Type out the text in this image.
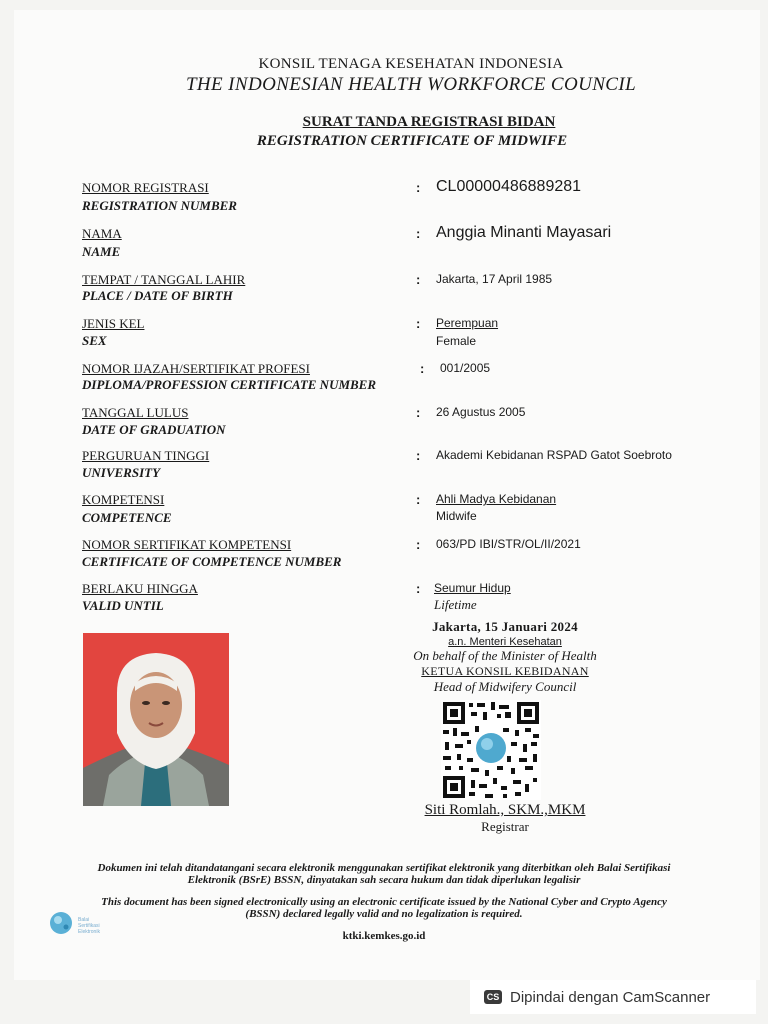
KONSIL TENAGA KESEHATAN INDONESIA
THE INDONESIAN HEALTH WORKFORCE COUNCIL
SURAT TANDA REGISTRASI BIDAN
REGISTRATION CERTIFICATE OF MIDWIFE
NOMOR REGISTRASI
REGISTRATION NUMBER
: CL00000486889281
NAMA
NAME
: Anggia Minanti Mayasari
TEMPAT / TANGGAL LAHIR
PLACE / DATE OF BIRTH
: Jakarta, 17 April 1985
JENIS KEL
SEX
: Perempuan
Female
NOMOR IJAZAH/SERTIFIKAT PROFESI
DIPLOMA/PROFESSION CERTIFICATE NUMBER
: 001/2005
TANGGAL LULUS
DATE OF GRADUATION
: 26 Agustus 2005
PERGURUAN TINGGI
UNIVERSITY
: Akademi Kebidanan RSPAD Gatot Soebroto
KOMPETENSI
COMPETENCE
: Ahli Madya Kebidanan
Midwife
NOMOR SERTIFIKAT KOMPETENSI
CERTIFICATE OF COMPETENCE NUMBER
: 063/PD IBI/STR/OL/II/2021
BERLAKU HINGGA
VALID UNTIL
: Seumur Hidup
Lifetime
Jakarta, 15 Januari 2024
a.n. Menteri Kesehatan
On behalf of the Minister of Health
KETUA KONSIL KEBIDANAN
Head of Midwifery Council
Siti Romlah., SKM.,MKM
Registrar
Dokumen ini telah ditandatangani secara elektronik menggunakan sertifikat elektronik yang diterbitkan oleh Balai Sertifikasi
Elektronik (BSrE) BSSN, dinyatakan sah secara hukum dan tidak diperlukan legalisir
This document has been signed electronically using an electronic certificate issued by the National Cyber and Crypto Agency
(BSSN) declared legally valid and no legalization is required.
Balai
Sertifikasi
Elektronik	ktki.kemkes.go.id
CS Dipindai dengan CamScanner
